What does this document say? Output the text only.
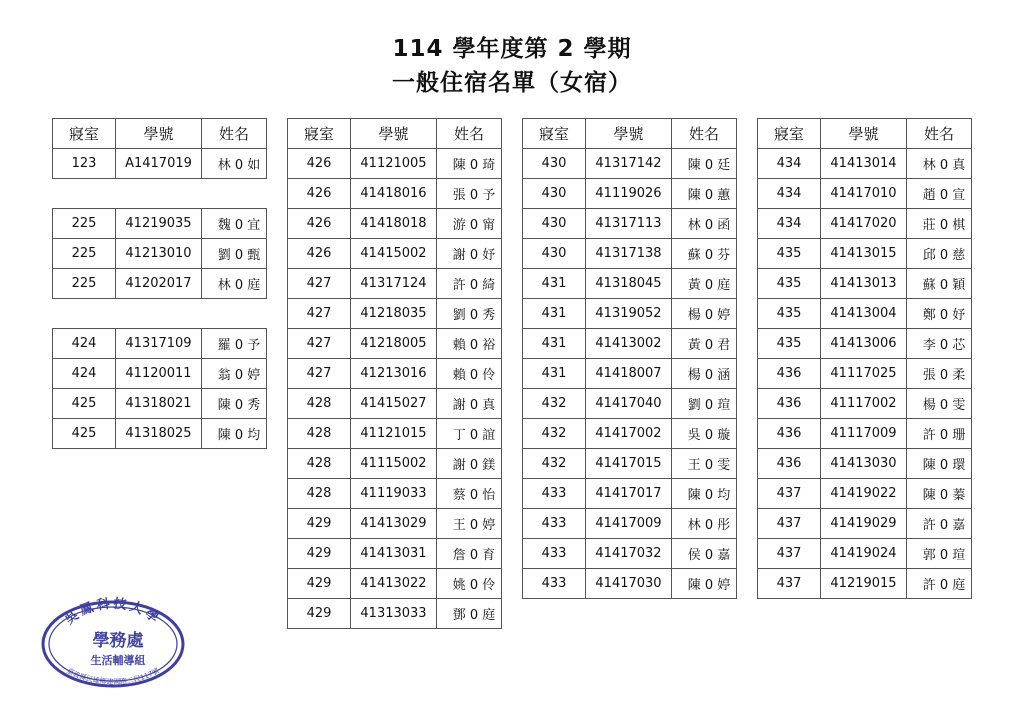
114 學年度第 2 學期
一般住宿名單（女宿）
寢室	學號	姓名
123	A1417019	林 0 如

225	41219035	魏 0 宜
225	41213010	劉 0 甄
225	41202017	林 0 庭

424	41317109	羅 0 予
424	41120011	翁 0 婷
425	41318021	陳 0 秀
425	41318025	陳 0 均
寢室	學號	姓名
426	41121005	陳 0 琦
426	41418016	張 0 予
426	41418018	游 0 甯
426	41415002	謝 0 妤
427	41317124	許 0 綺
427	41218035	劉 0 秀
427	41218005	賴 0 裕
427	41213016	賴 0 伶
428	41415027	謝 0 真
428	41121015	丁 0 誼
428	41115002	謝 0 鎂
428	41119033	蔡 0 怡
429	41413029	王 0 婷
429	41413031	詹 0 育
429	41413022	姚 0 伶
429	41313033	鄧 0 庭
寢室	學號	姓名
430	41317142	陳 0 廷
430	41119026	陳 0 蕙
430	41317113	林 0 函
430	41317138	蘇 0 芬
431	41318045	黃 0 庭
431	41319052	楊 0 婷
431	41413002	黃 0 君
431	41418007	楊 0 涵
432	41417040	劉 0 瑄
432	41417002	吳 0 璇
432	41417015	王 0 雯
433	41417017	陳 0 均
433	41417009	林 0 彤
433	41417032	侯 0 嘉
433	41417030	陳 0 婷
寢室	學號	姓名
434	41413014	林 0 真
434	41417010	趙 0 宣
434	41417020	莊 0 棋
435	41413015	邱 0 慈
435	41413013	蘇 0 穎
435	41413004	鄭 0 妤
435	41413006	李 0 芯
436	41117025	張 0 柔
436	41117002	楊 0 雯
436	41117009	許 0 珊
436	41413030	陳 0 環
437	41419022	陳 0 蓁
437	41419029	許 0 嘉
437	41419024	郭 0 瑄
437	41219015	許 0 庭
吳鳳科技大學
嘉義縣民雄鄉建國路二段117號
學務處
生活輔導組
